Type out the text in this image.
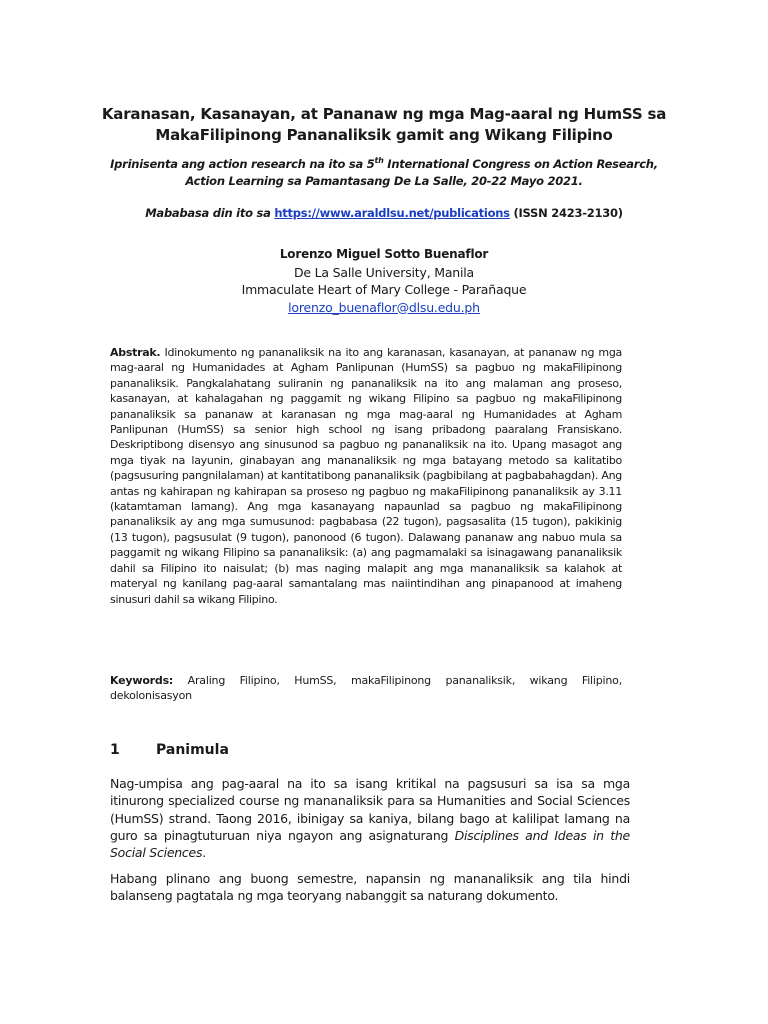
Karanasan, Kasanayan, at Pananaw ng mga Mag-aaral ng HumSS sa
MakaFilipinong Pananaliksik gamit ang Wikang Filipino
Iprinisenta ang action research na ito sa 5th International Congress on Action Research,
Action Learning sa Pamantasang De La Salle, 20-22 Mayo 2021.
Mababasa din ito sa https://www.araldlsu.net/publications (ISSN 2423-2130)
Lorenzo Miguel Sotto Buenaflor
De La Salle University, Manila
Immaculate Heart of Mary College - Parañaque
lorenzo_buenaflor@dlsu.edu.ph
Abstrak. Idinokumento ng pananaliksik na ito ang karanasan, kasanayan, at pananaw ng mga mag-aaral ng Humanidades at Agham Panlipunan (HumSS) sa pagbuo ng makaFilipinong pananaliksik. Pangkalahatang suliranin ng pananaliksik na ito ang malaman ang proseso, kasanayan, at kahalagahan ng paggamit ng wikang Filipino sa pagbuo ng makaFilipinong pananaliksik sa pananaw at karanasan ng mga mag-aaral ng Humanidades at Agham Panlipunan (HumSS) sa senior high school ng isang pribadong paaralang Fransiskano. Deskriptibong disensyo ang sinusunod sa pagbuo ng pananaliksik na ito. Upang masagot ang mga tiyak na layunin, ginabayan ang mananaliksik ng mga batayang metodo sa kalitatibo (pagsusuring pangnilalaman) at kantitatibong pananaliksik (pagbibilang at pagbabahagdan). Ang antas ng kahirapan ng kahirapan sa proseso ng pagbuo ng makaFilipinong pananaliksik ay 3.11 (katamtaman lamang). Ang mga kasanayang napaunlad sa pagbuo ng makaFilipinong pananaliksik ay ang mga sumusunod: pagbabasa (22 tugon), pagsasalita (15 tugon), pakikinig (13 tugon), pagsusulat (9 tugon), panonood (6 tugon). Dalawang pananaw ang nabuo mula sa paggamit ng wikang Filipino sa pananaliksik: (a) ang pagmamalaki sa isinagawang pananaliksik dahil sa Filipino ito naisulat; (b) mas naging malapit ang mga mananaliksik sa kalahok at materyal ng kanilang pag-aaral samantalang mas naiintindihan ang pinapanood at imaheng sinusuri dahil sa wikang Filipino.
Keywords: Araling Filipino, HumSS, makaFilipinong pananaliksik, wikang Filipino, dekolonisasyon
1	Panimula
Nag-umpisa ang pag-aaral na ito sa isang kritikal na pagsusuri sa isa sa mga itinurong specialized course ng mananaliksik para sa Humanities and Social Sciences (HumSS) strand. Taong 2016, ibinigay sa kaniya, bilang bago at kalilipat lamang na guro sa pinagtuturuan niya ngayon ang asignaturang Disciplines and Ideas in the Social Sciences.
Habang plinano ang buong semestre, napansin ng mananaliksik ang tila hindi balanseng pagtatala ng mga teoryang nabanggit sa naturang dokumento.
